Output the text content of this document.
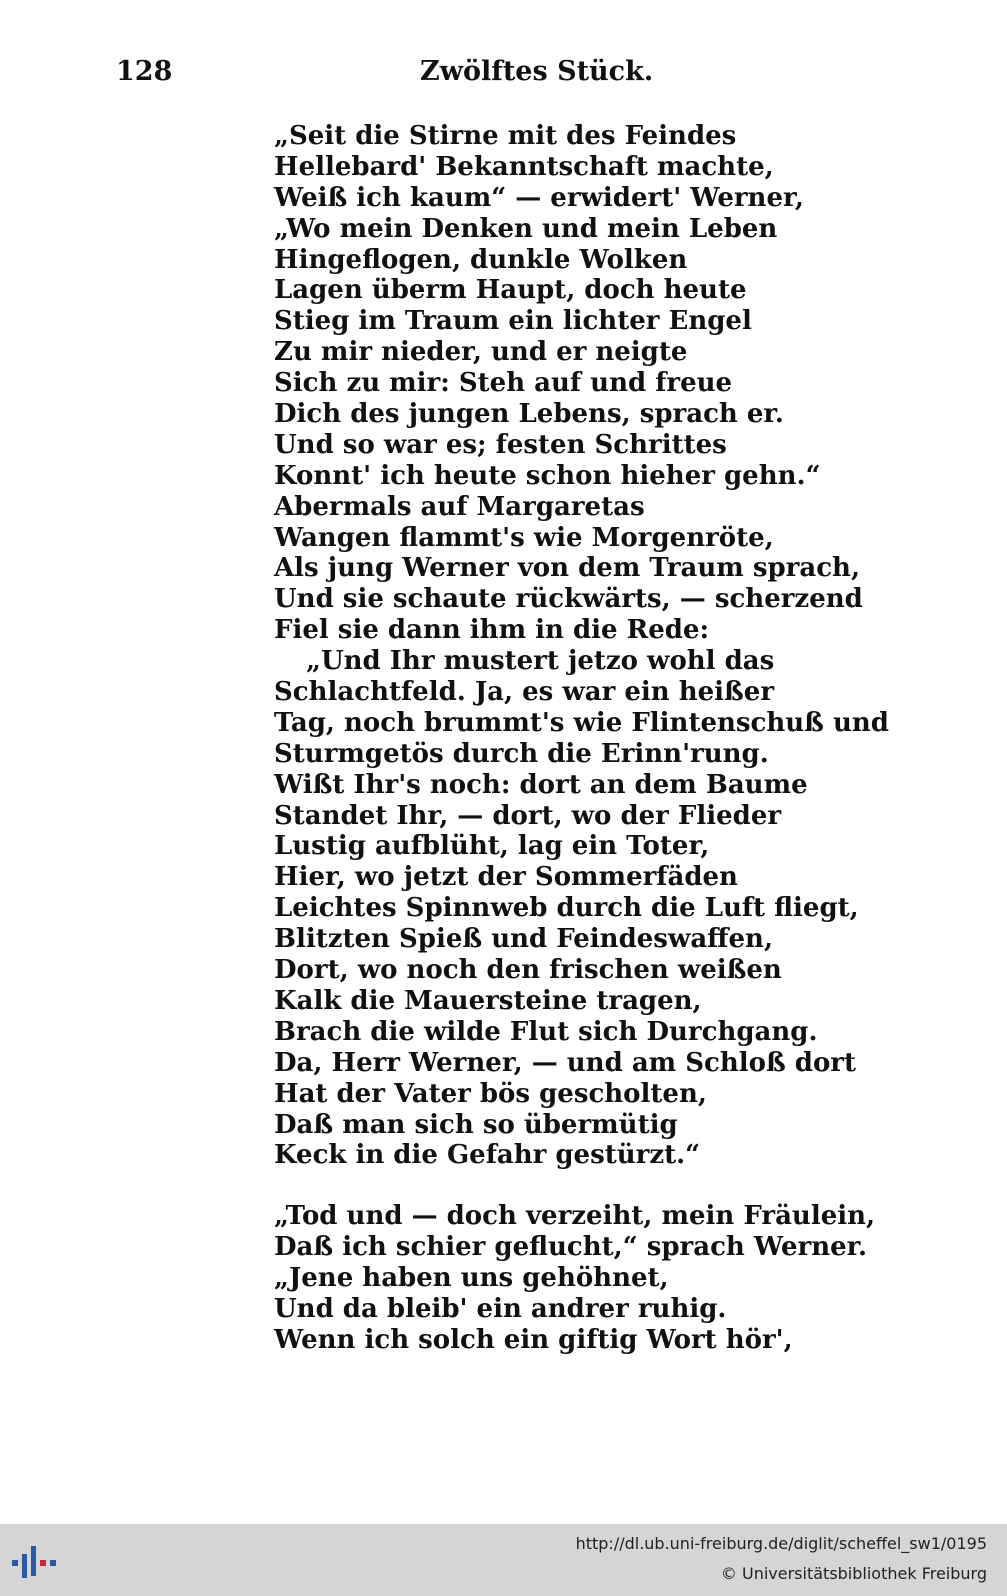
128	Zwölftes Stück.
„Seit die Stirne mit des Feindes
Hellebard' Bekanntschaft machte,
Weiß ich kaum“ — erwidert' Werner,
„Wo mein Denken und mein Leben
Hingeflogen, dunkle Wolken
Lagen überm Haupt, doch heute
Stieg im Traum ein lichter Engel
Zu mir nieder, und er neigte
Sich zu mir: Steh auf und freue
Dich des jungen Lebens, sprach er.
Und so war es; festen Schrittes
Konnt' ich heute schon hieher gehn.“
Abermals auf Margaretas
Wangen flammt's wie Morgenröte,
Als jung Werner von dem Traum sprach,
Und sie schaute rückwärts, — scherzend
Fiel sie dann ihm in die Rede:
„Und Ihr mustert jetzo wohl das
Schlachtfeld. Ja, es war ein heißer
Tag, noch brummt's wie Flintenschuß und
Sturmgetös durch die Erinn'rung.
Wißt Ihr's noch: dort an dem Baume
Standet Ihr, — dort, wo der Flieder
Lustig aufblüht, lag ein Toter,
Hier, wo jetzt der Sommerfäden
Leichtes Spinnweb durch die Luft fliegt,
Blitzten Spieß und Feindeswaffen,
Dort, wo noch den frischen weißen
Kalk die Mauersteine tragen,
Brach die wilde Flut sich Durchgang.
Da, Herr Werner, — und am Schloß dort
Hat der Vater bös gescholten,
Daß man sich so übermütig
Keck in die Gefahr gestürzt.“
„Tod und — doch verzeiht, mein Fräulein,
Daß ich schier geflucht,“ sprach Werner.
„Jene haben uns gehöhnet,
Und da bleib' ein andrer ruhig.
Wenn ich solch ein giftig Wort hör',
http://dl.ub.uni-freiburg.de/diglit/scheffel_sw1/0195
© Universitätsbibliothek Freiburg
